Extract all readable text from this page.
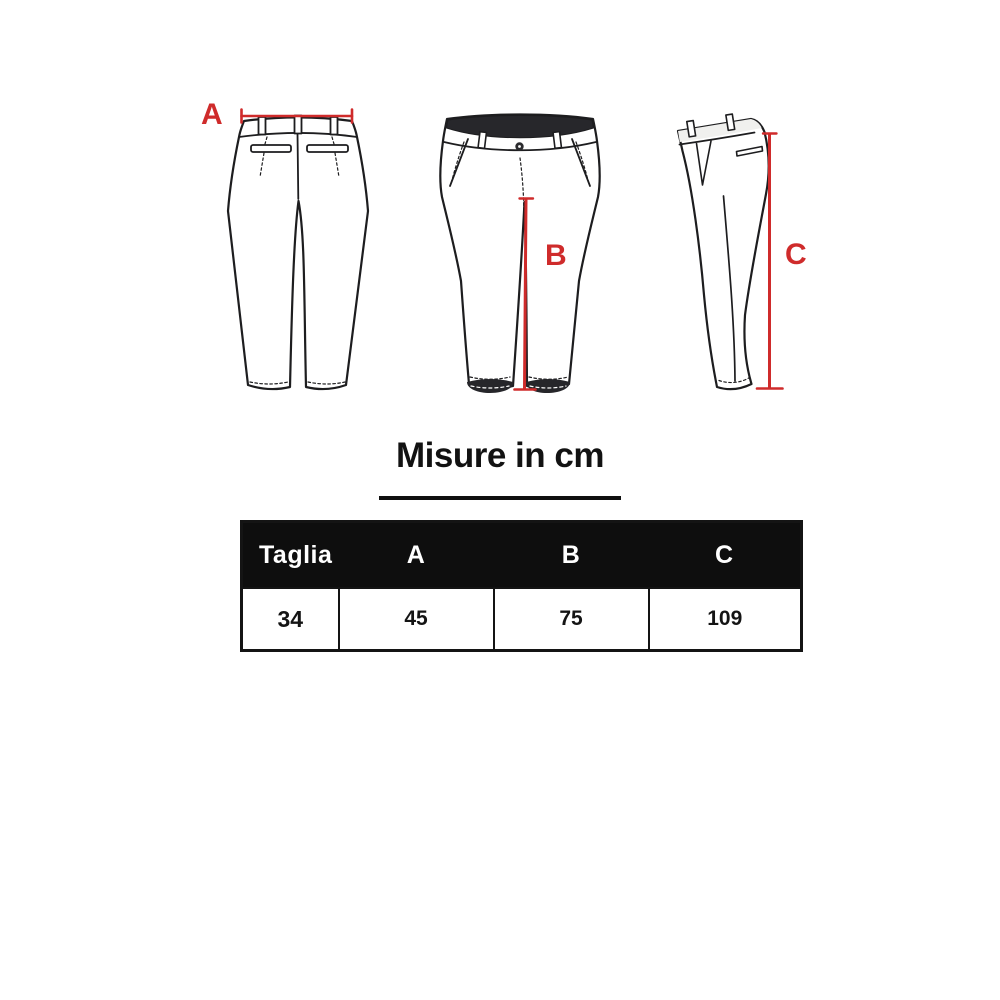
A
B	C
Misure in cm
Taglia	A	B	C
34	45	75	109
